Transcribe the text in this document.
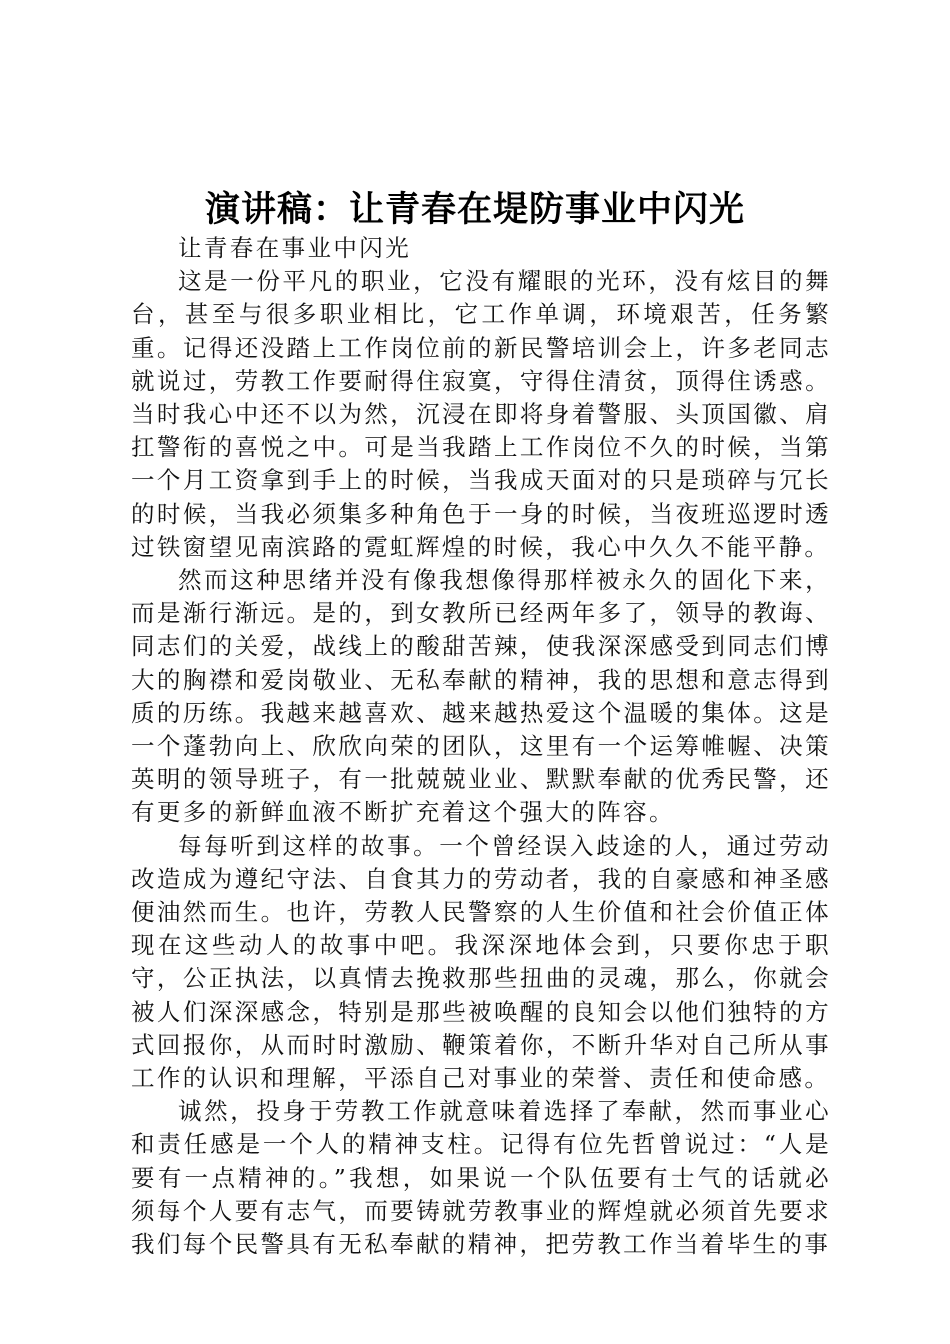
演讲稿：让青春在堤防事业中闪光

让青春在事业中闪光

这是一份平凡的职业，它没有耀眼的光环，没有炫目的舞台，甚至与很多职业相比，它工作单调，环境艰苦，任务繁重。记得还没踏上工作岗位前的新民警培训会上，许多老同志就说过，劳教工作要耐得住寂寞，守得住清贫，顶得住诱惑。当时我心中还不以为然，沉浸在即将身着警服、头顶国徽、肩扛警衔的喜悦之中。可是当我踏上工作岗位不久的时候，当第一个月工资拿到手上的时候，当我成天面对的只是琐碎与冗长的时候，当我必须集多种角色于一身的时候，当夜班巡逻时透过铁窗望见南滨路的霓虹辉煌的时候，我心中久久不能平静。

然而这种思绪并没有像我想像得那样被永久的固化下来，而是渐行渐远。是的，到女教所已经两年多了，领导的教诲、同志们的关爱，战线上的酸甜苦辣，使我深深感受到同志们博大的胸襟和爱岗敬业、无私奉献的精神，我的思想和意志得到质的历练。我越来越喜欢、越来越热爱这个温暖的集体。这是一个蓬勃向上、欣欣向荣的团队，这里有一个运筹帷幄、决策英明的领导班子，有一批兢兢业业、默默奉献的优秀民警，还有更多的新鲜血液不断扩充着这个强大的阵容。

每每听到这样的故事。一个曾经误入歧途的人，通过劳动改造成为遵纪守法、自食其力的劳动者，我的自豪感和神圣感便油然而生。也许，劳教人民警察的人生价值和社会价值正体现在这些动人的故事中吧。我深深地体会到，只要你忠于职守，公正执法，以真情去挽救那些扭曲的灵魂，那么，你就会被人们深深感念，特别是那些被唤醒的良知会以他们独特的方式回报你，从而时时激励、鞭策着你，不断升华对自己所从事工作的认识和理解，平添自己对事业的荣誉、责任和使命感。

诚然，投身于劳教工作就意味着选择了奉献，然而事业心和责任感是一个人的精神支柱。记得有位先哲曾说过：“人是要有一点精神的。”我想，如果说一个队伍要有士气的话就必须每个人要有志气，而要铸就劳教事业的辉煌就必须首先要求我们每个民警具有无私奉献的精神，把劳教工作当着毕生的事
